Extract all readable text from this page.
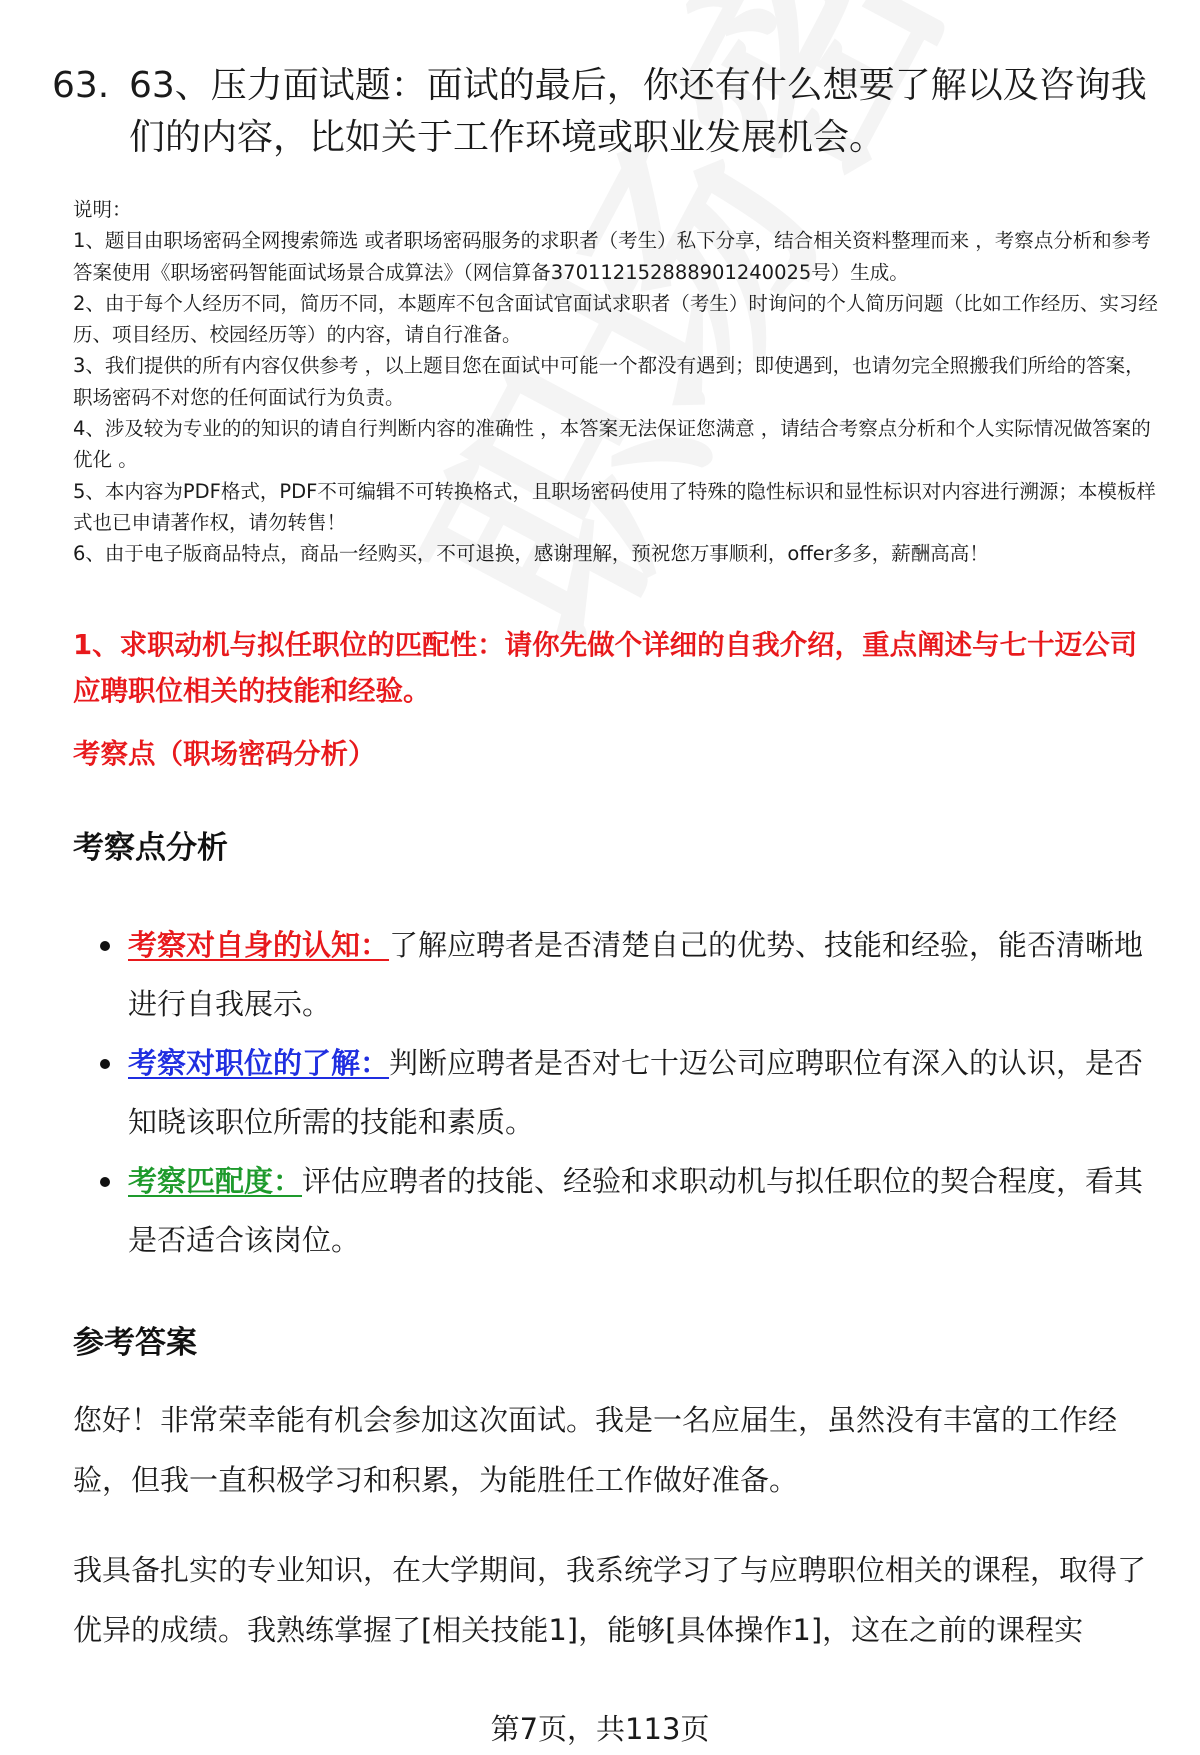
63. 63、压力面试题：面试的最后，你还有什么想要了解以及咨询我们的内容，比如关于工作环境或职业发展机会。

说明：

1、题目由职场密码全网搜索筛选 或者职场密码服务的求职者（考生）私下分享，结合相关资料整理而来 ，考察点分析和参考答案使用《职场密码智能面试场景合成算法》（网信算备370112152888901240025号）生成。

2、由于每个人经历不同，简历不同，本题库不包含面试官面试求职者（考生）时询问的个人简历问题（比如工作经历、实习经历、项目经历、校园经历等）的内容，请自行准备。

3、我们提供的所有内容仅供参考 ，以上题目您在面试中可能一个都没有遇到；即使遇到，也请勿完全照搬我们所给的答案，职场密码不对您的任何面试行为负责。

4、涉及较为专业的的知识的请自行判断内容的准确性 ，本答案无法保证您满意 ，请结合考察点分析和个人实际情况做答案的优化 。

5、本内容为PDF格式，PDF不可编辑不可转换格式，且职场密码使用了特殊的隐性标识和显性标识对内容进行溯源；本模板样式也已申请著作权，请勿转售！

6、由于电子版商品特点，商品一经购买，不可退换，感谢理解，预祝您万事顺利，offer多多，薪酬高高！

1、求职动机与拟任职位的匹配性：请你先做个详细的自我介绍，重点阐述与七十迈公司应聘职位相关的技能和经验。
考察点（职场密码分析）
考察点分析
考察对自身的认知：了解应聘者是否清楚自己的优势、技能和经验，能否清晰地进行自我展示。
考察对职位的了解：判断应聘者是否对七十迈公司应聘职位有深入的认识，是否知晓该职位所需的技能和素质。
考察匹配度：评估应聘者的技能、经验和求职动机与拟任职位的契合程度，看其是否适合该岗位。
参考答案

您好！非常荣幸能有机会参加这次面试。我是一名应届生，虽然没有丰富的工作经验，但我一直积极学习和积累，为能胜任工作做好准备。

我具备扎实的专业知识，在大学期间，我系统学习了与应聘职位相关的课程，取得了优异的成绩。我熟练掌握了[相关技能1]，能够[具体操作1]，这在之前的课程实

第7页，共113页
